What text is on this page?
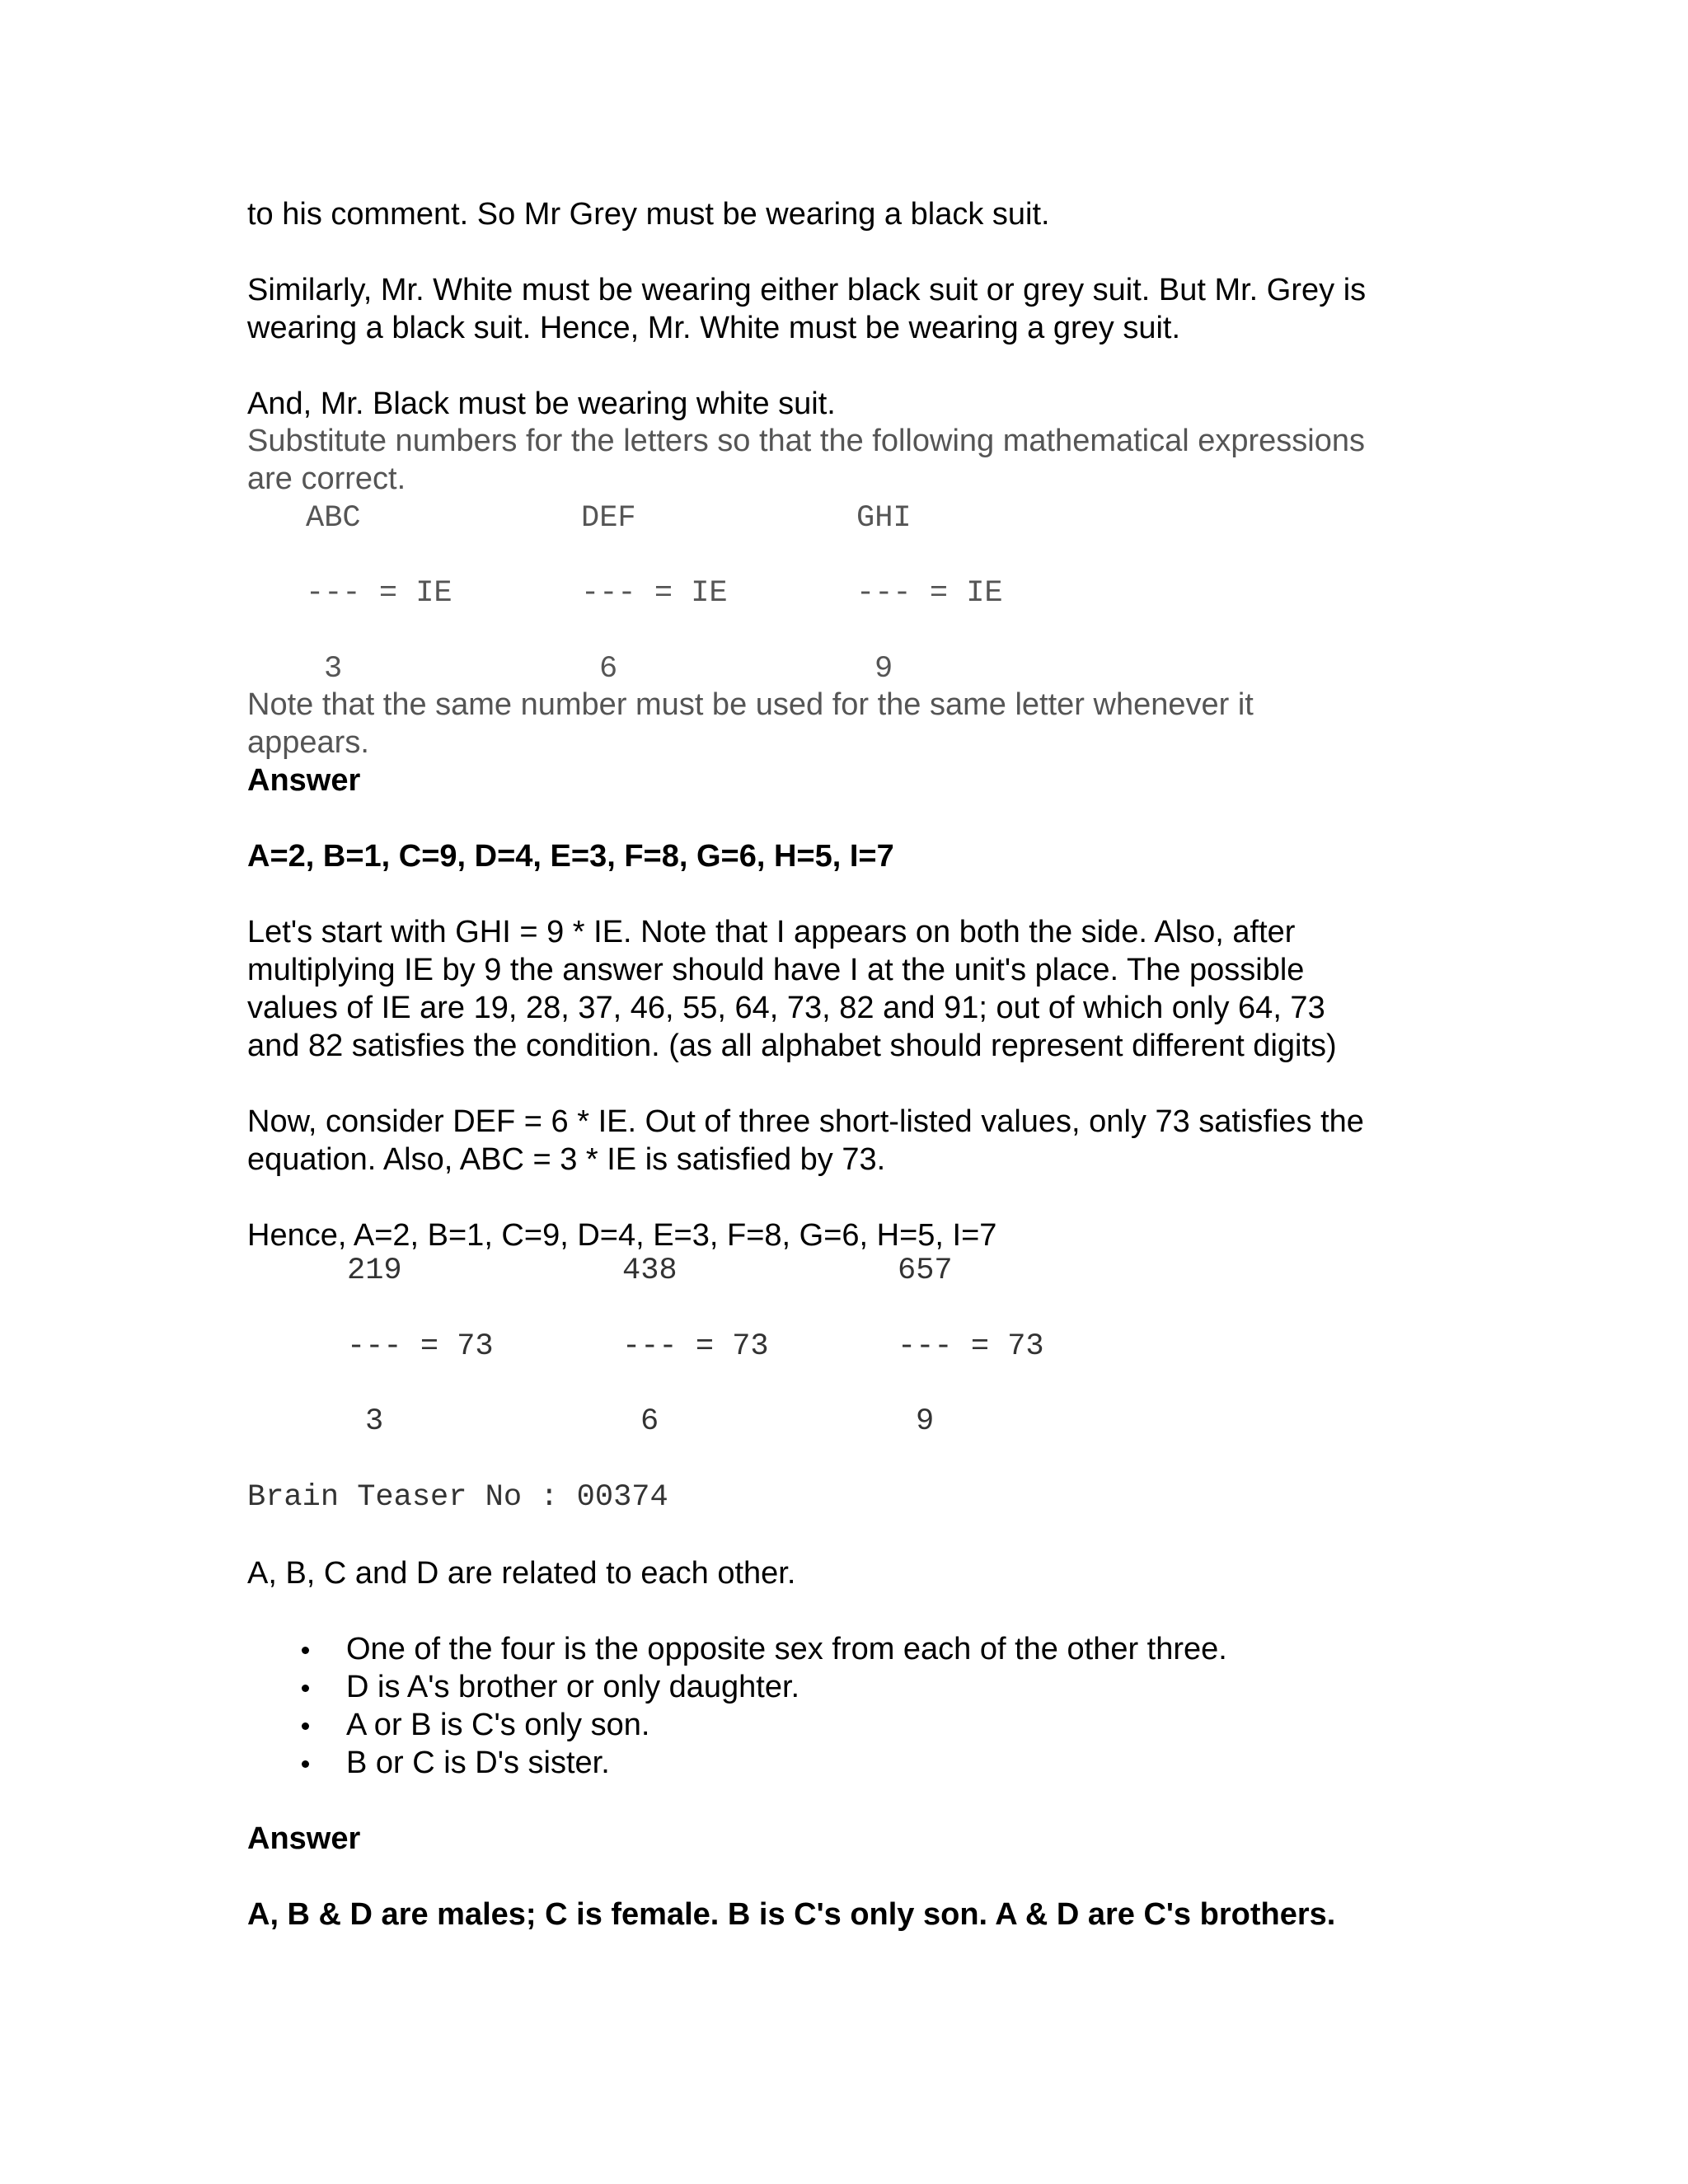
to his comment. So Mr Grey must be wearing a black suit.
Similarly, Mr. White must be wearing either black suit or grey suit. But Mr. Grey is
wearing a black suit. Hence, Mr. White must be wearing a grey suit.
And, Mr. Black must be wearing white suit.
Substitute numbers for the letters so that the following mathematical expressions
are correct.
ABC	DEF	GHI
--- = IE	--- = IE	--- = IE
3	6	9
Note that the same number must be used for the same letter whenever it
appears.
Answer
A=2, B=1, C=9, D=4, E=3, F=8, G=6, H=5, I=7
Let's start with GHI = 9 * IE. Note that I appears on both the side. Also, after
multiplying IE by 9 the answer should have I at the unit's place. The possible
values of IE are 19, 28, 37, 46, 55, 64, 73, 82 and 91; out of which only 64, 73
and 82 satisfies the condition. (as all alphabet should represent different digits)
Now, consider DEF = 6 * IE. Out of three short-listed values, only 73 satisfies the
equation. Also, ABC = 3 * IE is satisfied by 73.
Hence, A=2, B=1, C=9, D=4, E=3, F=8, G=6, H=5, I=7
219	438	657
--- = 73	--- = 73	--- = 73
3	6	9
Brain Teaser No : 00374
A, B, C and D are related to each other.
One of the four is the opposite sex from each of the other three.
D is A's brother or only daughter.
A or B is C's only son.
B or C is D's sister.
Answer
A, B & D are males; C is female. B is C's only son. A & D are C's brothers.
